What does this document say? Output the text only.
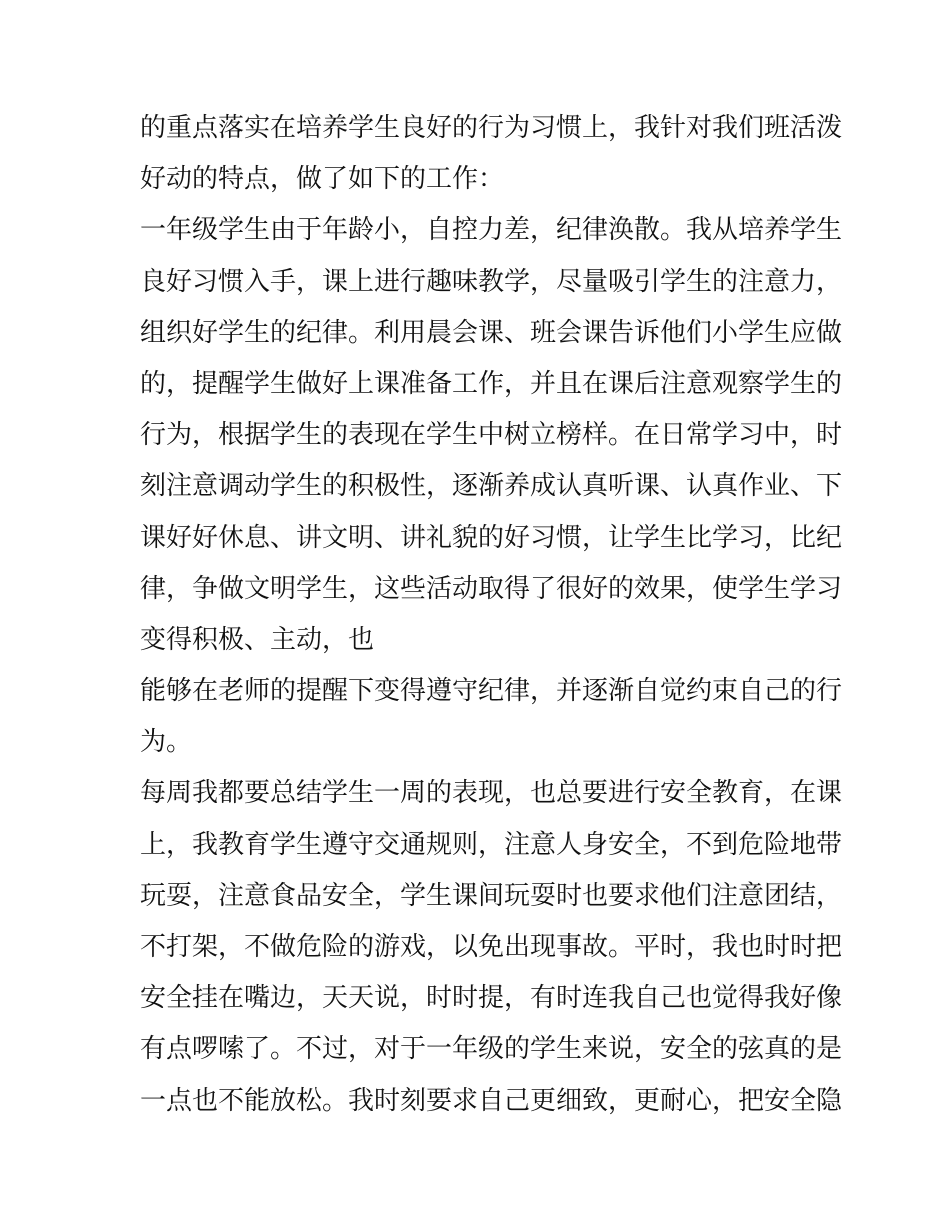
的重点落实在培养学生良好的行为习惯上，我针对我们班活泼
好动的特点，做了如下的工作：
一年级学生由于年龄小，自控力差，纪律涣散。我从培养学生
良好习惯入手，课上进行趣味教学，尽量吸引学生的注意力，
组织好学生的纪律。利用晨会课、班会课告诉他们小学生应做
的，提醒学生做好上课准备工作，并且在课后注意观察学生的
行为，根据学生的表现在学生中树立榜样。在日常学习中，时
刻注意调动学生的积极性，逐渐养成认真听课、认真作业、下
课好好休息、讲文明、讲礼貌的好习惯，让学生比学习，比纪
律，争做文明学生，这些活动取得了很好的效果，使学生学习
变得积极、主动，也
能够在老师的提醒下变得遵守纪律，并逐渐自觉约束自己的行
为。
每周我都要总结学生一周的表现，也总要进行安全教育，在课
上，我教育学生遵守交通规则，注意人身安全，不到危险地带
玩耍，注意食品安全，学生课间玩耍时也要求他们注意团结，
不打架，不做危险的游戏，以免出现事故。平时，我也时时把
安全挂在嘴边，天天说，时时提，有时连我自己也觉得我好像
有点啰嗦了。不过，对于一年级的学生来说，安全的弦真的是
一点也不能放松。我时刻要求自己更细致，更耐心，把安全隐
